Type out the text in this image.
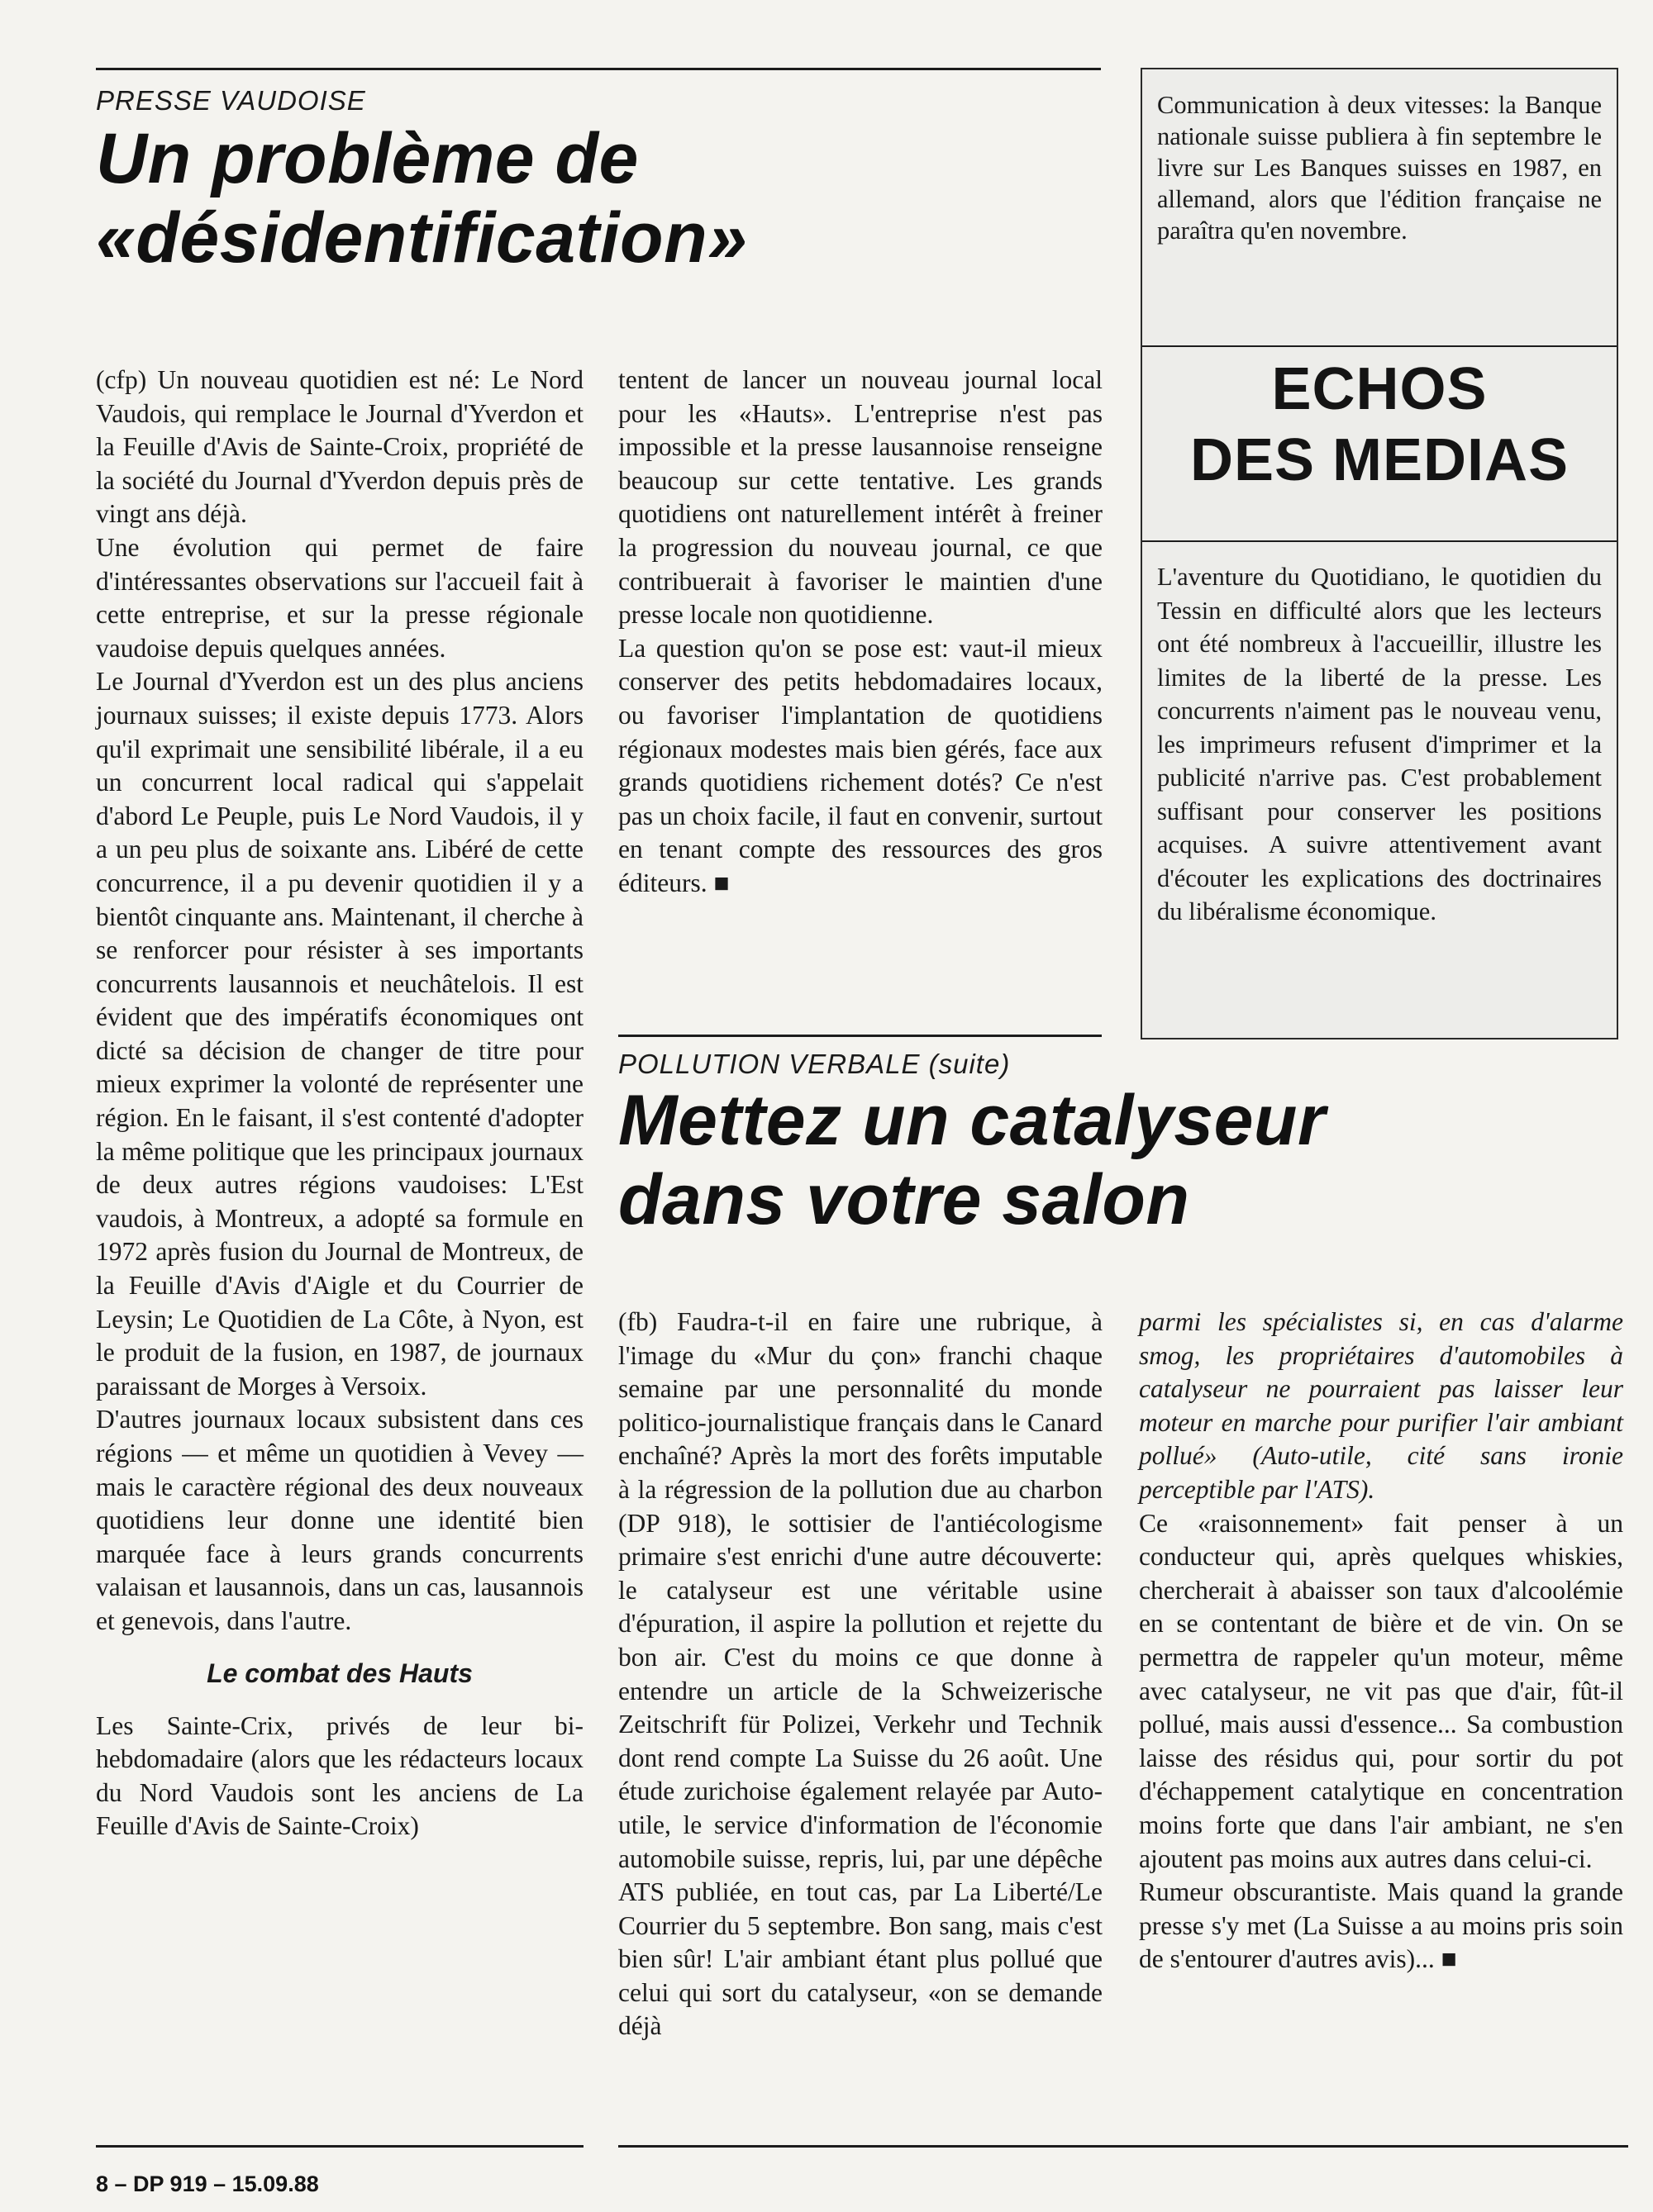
PRESSE VAUDOISE
Un problème de
«désidentification»

(cfp) Un nouveau quotidien est né: Le Nord Vaudois, qui remplace le Journal d'Yverdon et la Feuille d'Avis de Sainte-Croix, propriété de la société du Journal d'Yverdon depuis près de vingt ans déjà.

Une évolution qui permet de faire d'intéressantes observations sur l'accueil fait à cette entreprise, et sur la presse régionale vaudoise depuis quelques années.

Le Journal d'Yverdon est un des plus anciens journaux suisses; il existe depuis 1773. Alors qu'il exprimait une sensibilité libérale, il a eu un concurrent local radical qui s'appelait d'abord Le Peuple, puis Le Nord Vaudois, il y a un peu plus de soixante ans. Libéré de cette concurrence, il a pu devenir quotidien il y a bientôt cinquante ans. Maintenant, il cherche à se renforcer pour résister à ses importants concurrents lausannois et neuchâtelois. Il est évident que des impératifs économiques ont dicté sa décision de changer de titre pour mieux exprimer la volonté de représenter une région. En le faisant, il s'est contenté d'adopter la même politique que les principaux journaux de deux autres régions vaudoises: L'Est vaudois, à Montreux, a adopté sa formule en 1972 après fusion du Journal de Montreux, de la Feuille d'Avis d'Aigle et du Courrier de Leysin; Le Quotidien de La Côte, à Nyon, est le produit de la fusion, en 1987, de journaux paraissant de Morges à Versoix.

D'autres journaux locaux subsistent dans ces régions — et même un quotidien à Vevey — mais le caractère régional des deux nouveaux quotidiens leur donne une identité bien marquée face à leurs grands concurrents valaisan et lausannois, dans un cas, lausannois et genevois, dans l'autre.

Le combat des Hauts

Les Sainte-Crix, privés de leur bi-hebdomadaire (alors que les rédacteurs locaux du Nord Vaudois sont les anciens de La Feuille d'Avis de Sainte-Croix)

tentent de lancer un nouveau journal local pour les «Hauts». L'entreprise n'est pas impossible et la presse lausannoise renseigne beaucoup sur cette tentative. Les grands quotidiens ont naturellement intérêt à freiner la progression du nouveau journal, ce que contribuerait à favoriser le maintien d'une presse locale non quotidienne.

La question qu'on se pose est: vaut-il mieux conserver des petits hebdomadaires locaux, ou favoriser l'implantation de quotidiens régionaux modestes mais bien gérés, face aux grands quotidiens richement dotés? Ce n'est pas un choix facile, il faut en convenir, surtout en tenant compte des ressources des gros éditeurs. ■

Communication à deux vitesses: la Banque nationale suisse publiera à fin septembre le livre sur Les Banques suisses en 1987, en allemand, alors que l'édition française ne paraîtra qu'en novembre.
ECHOS
DES MEDIAS
L'aventure du Quotidiano, le quotidien du Tessin en difficulté alors que les lecteurs ont été nombreux à l'accueillir, illustre les limites de la liberté de la presse. Les concurrents n'aiment pas le nouveau venu, les imprimeurs refusent d'imprimer et la publicité n'arrive pas. C'est probablement suffisant pour conserver les positions acquises. A suivre attentivement avant d'écouter les explications des doctrinaires du libéralisme économique.
POLLUTION VERBALE (suite)
Mettez un catalyseur
dans votre salon
(fb) Faudra-t-il en faire une rubrique, à l'image du «Mur du çon» franchi chaque semaine par une personnalité du monde politico-journalistique français dans le Canard enchaîné? Après la mort des forêts imputable à la régression de la pollution due au charbon (DP 918), le sottisier de l'antiécologisme primaire s'est enrichi d'une autre découverte: le catalyseur est une véritable usine d'épuration, il aspire la pollution et rejette du bon air. C'est du moins ce que donne à entendre un article de la Schweizerische Zeitschrift für Polizei, Verkehr und Technik dont rend compte La Suisse du 26 août. Une étude zurichoise également relayée par Auto-utile, le service d'information de l'économie automobile suisse, repris, lui, par une dépêche ATS publiée, en tout cas, par La Liberté/Le Courrier du 5 septembre. Bon sang, mais c'est bien sûr! L'air ambiant étant plus pollué que celui qui sort du catalyseur, «on se demande déjà

parmi les spécialistes si, en cas d'alarme smog, les propriétaires d'automobiles à catalyseur ne pourraient pas laisser leur moteur en marche pour purifier l'air ambiant pollué» (Auto-utile, cité sans ironie perceptible par l'ATS).

Ce «raisonnement» fait penser à un conducteur qui, après quelques whiskies, chercherait à abaisser son taux d'alcoolémie en se contentant de bière et de vin. On se permettra de rappeler qu'un moteur, même avec catalyseur, ne vit pas que d'air, fût-il pollué, mais aussi d'essence... Sa combustion laisse des résidus qui, pour sortir du pot d'échappement catalytique en concentration moins forte que dans l'air ambiant, ne s'en ajoutent pas moins aux autres dans celui-ci.

Rumeur obscurantiste. Mais quand la grande presse s'y met (La Suisse a au moins pris soin de s'entourer d'autres avis)... ■

8 – DP 919 – 15.09.88
